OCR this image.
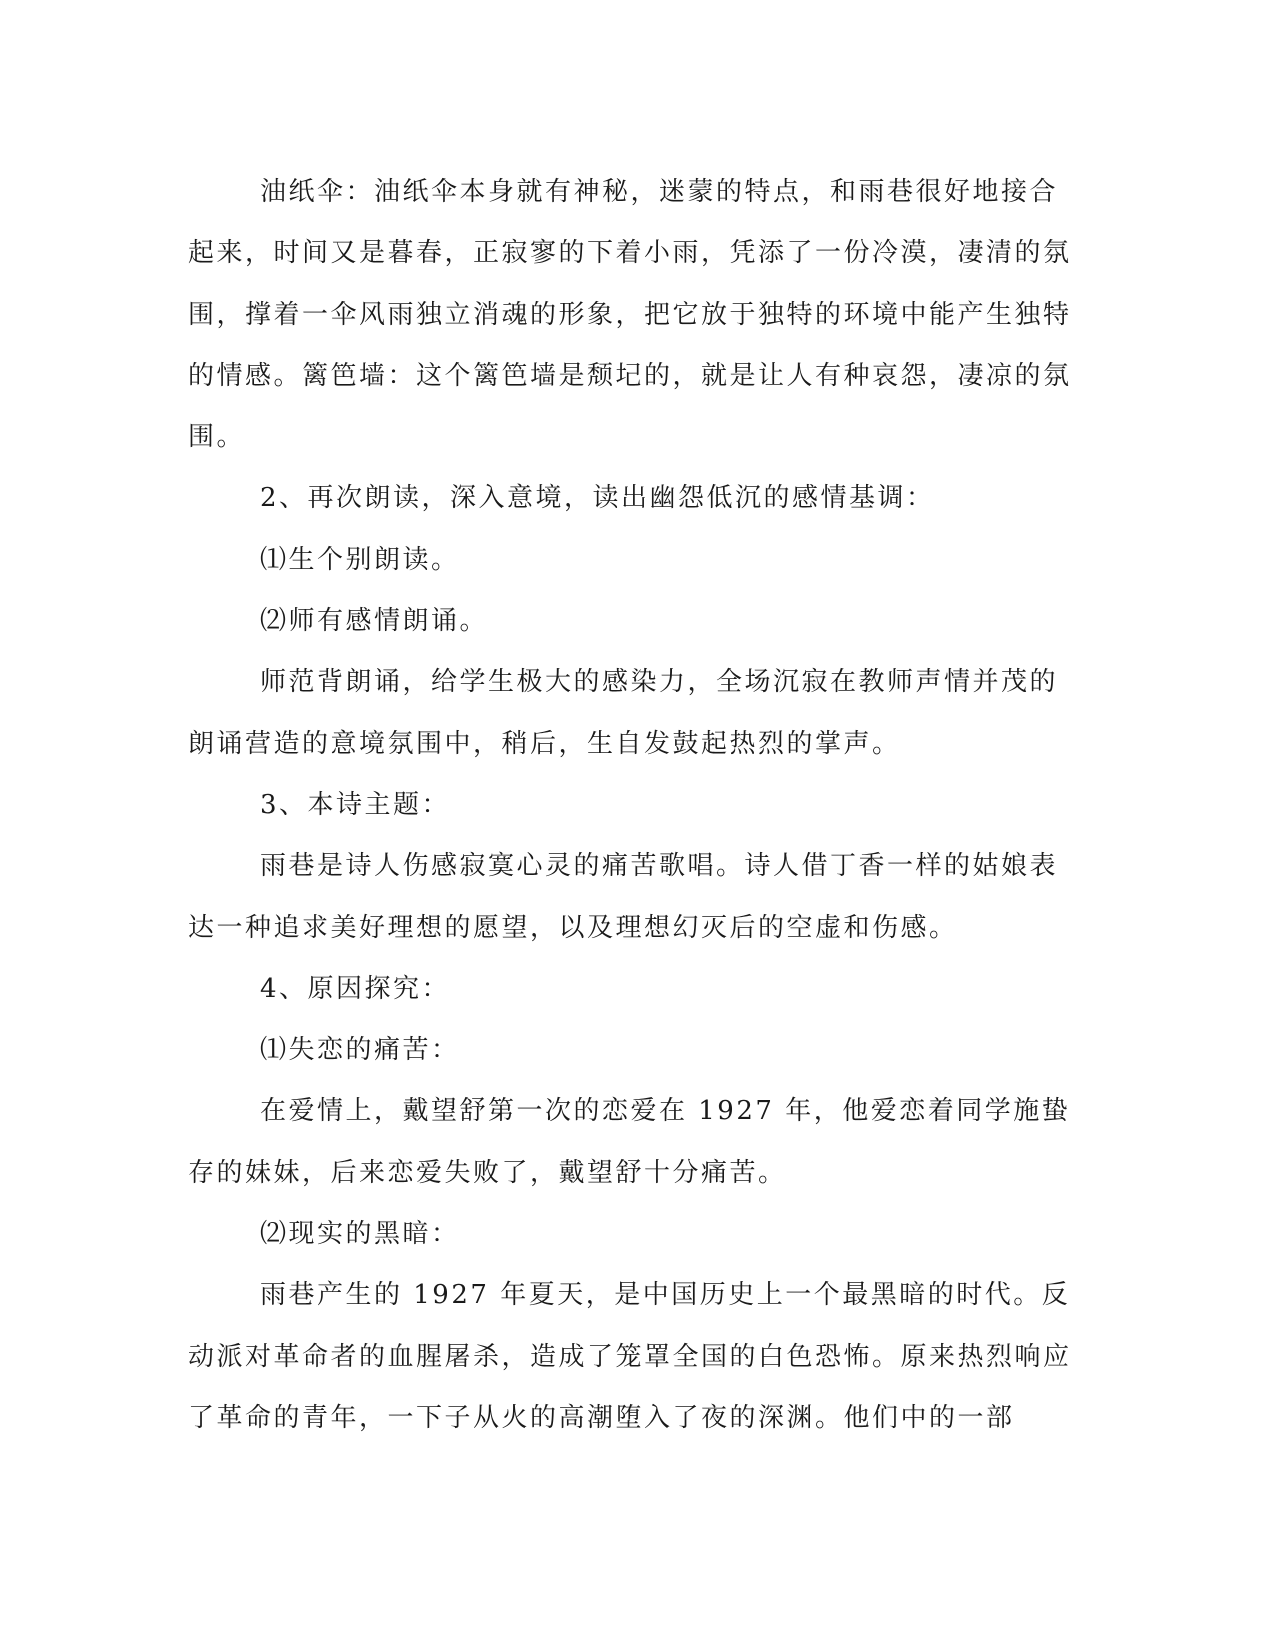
油纸伞：油纸伞本身就有神秘，迷蒙的特点，和雨巷很好地接合起来，时间又是暮春，正寂寥的下着小雨，凭添了一份冷漠，凄清的氛围，撑着一伞风雨独立消魂的形象，把它放于独特的环境中能产生独特的情感。篱笆墙：这个篱笆墙是颓圮的，就是让人有种哀怨，凄凉的氛围。

2、再次朗读，深入意境，读出幽怨低沉的感情基调：

⑴生个别朗读。

⑵师有感情朗诵。

师范背朗诵，给学生极大的感染力，全场沉寂在教师声情并茂的朗诵营造的意境氛围中，稍后，生自发鼓起热烈的掌声。

3、本诗主题：

雨巷是诗人伤感寂寞心灵的痛苦歌唱。诗人借丁香一样的姑娘表达一种追求美好理想的愿望，以及理想幻灭后的空虚和伤感。

4、原因探究：

⑴失恋的痛苦：

在爱情上，戴望舒第一次的恋爱在 1927 年，他爱恋着同学施蛰存的妹妹，后来恋爱失败了，戴望舒十分痛苦。

⑵现实的黑暗：

雨巷产生的 1927 年夏天，是中国历史上一个最黑暗的时代。反动派对革命者的血腥屠杀，造成了笼罩全国的白色恐怖。原来热烈响应了革命的青年，一下子从火的高潮堕入了夜的深渊。他们中的一部
